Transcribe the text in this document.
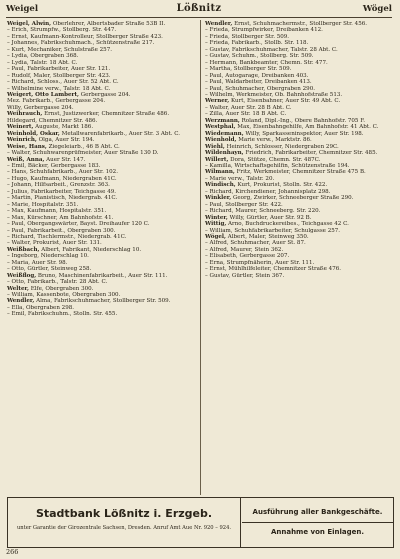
Weigel	Lößnitz	Wögel
Weigel, Alwin, Oberlehrer, Albertsbader Straße 53B II.
– Erich, Strumpfw., Stollberg. Str. 447.
– Ernst, Kaufmann-Kontrolleur, Stollberger Straße 423.
– Johannes, Fabrikschuhmach., Schützenstraße 217.
– Kurt, Mechaniker, Schulstraße 257.
– Lydia, Obergraben 368.
– Lydia, Talstr. 18 Abt. C.
– Paul, Fabrikarbeiter, Auer Str. 121.
– Rudolf, Maler, Stollberger Str. 423.
– Richard, Schloss., Auer Str. 52 Abt. C.
– Wilhelmine verw., Talstr. 18 Abt. C.
Weigert, Otto Lambert, Gerbergasse 204.
Mez. Fabrikarb., Gerbergasse 204.
Willy, Gerbergasse 204.
Weihrauch, Ernst, Justizwerker, Chemnitzer Straße 486.
Hildegard, Chemnitzer Str. 486.
Weinert, Auguste, Markt 186.
Weinhold, Oskar, Metallwarenfabrikarb., Auer Str. 3 Abt. C.
Weinrich, Olga, Auer Str. 194.
Weise, Hans, Ziegeleiarb., 46 B Abt. C.
– Walter, Schuhwarenprüfmeister, Auer Straße 130 D.
Weiß, Anna, Auer Str. 147.
– Emil, Bäcker, Gerbergasse 183.
– Hans, Schuhfabrikarb., Auer Str. 102.
– Hugo, Kaufmann, Niedergraben 41C.
– Johann, Hilfsarbeit., Grenzstr. 363.
– Julius, Fabrikarbeiter, Teichgasse 49.
– Martin, Pianistisch, Niedergrab. 41C.
– Marie, Hospitalstr. 351.
– Max, Kaufmann, Hospitalstr. 351.
– Max, Kürschner, Am Bahnhofstr. 41.
– Paul, Obergangswärter, Bayst. Dreihaufer 120 C.
– Paul, Fabrikarbeit., Obergraben 300.
– Richard, Tischlermstr., Niedergrab. 41C.
– Walter, Prokurist, Auer Str. 131.
Weißbach, Albert, Fabrikant, Niederschlag 10.
– Ingeborg, Niederschlag 10.
– Maria, Auer Str. 98.
– Otto, Gürtler, Steinweg 258.
Weißflog, Bruno, Maschinenfabrikarbeit., Auer Str. 111.
– Otto, Fabrikarb., Talstr. 28 Abt. C.
Welter, Elfe, Obergraben 300.
– William, Kassenbote, Obergraben 300.
Wendler, Alma, Fabrikschuhmacher, Stollberger Str. 509.
– Ella, Obergraben 298.
– Emil, Fabrikschuhm., Stolln. Str. 455.
Wendler, Ernst, Schuhmachermstr., Stollberger Str. 456.
– Frieda, Strumpfwirker, Dreibanken 412.
– Frieda, Stollberger Str. 509.
– Frieda, Fabrikarb., Stollb. Str. 118.
– Gustav, Fabrikschuhmacher, Talstr. 28 Abt. C.
– Gustav, Schuhm., Stollberg. Str. 509.
– Hermann, Bankbeamter, Chemn. Str. 477.
– Martha, Stollberger Str. 509.
– Paul, Autogarage, Dreibanken 403.
– Paul, Waldarbeiter, Dreibanken 413.
– Paul, Schuhmacher, Obergraben 290.
– Wilhelm, Werkmeister, Ob. Bahnhofstraße 513.
Werner, Kurt, Eisenbahner, Auer Str. 49 Abt. C.
– Walter, Auer Str. 28 B Abt. C.
– Zilla, Auer Str. 18 B Abt. C.
Werzmann, Roland, Dipl.-Ing., Obere Bahnhofstr. 705 F.
Westphal, Max, Eisenbahngehilfe, Am Bahnhofstr. 41 Abt. C.
Wiedemann, Willy, Sparkasseninspektor, Auer Str. 198.
Wienhold, Marie verw., Marktstr. 86.
Wiehl, Heinrich, Schlosser, Niedergraben 29C.
Wildenhayn, Friedrich, Fabrikarbeiter, Chemnitzer Str. 485.
Willert, Dora, Stütze, Chemn. Str. 487C.
– Kamilla, Wirtschaftsgehilfin, Schützenstraße 194.
Wilmann, Fritz, Werkmeister, Chemnitzer Straße 475 B.
– Marie verw., Talstr. 20.
Windisch, Kurt, Prokurist, Stolln. Str. 422.
– Richard, Kirchendiener, Johannisplatz 298.
Winkler, Georg, Zwirker, Schneeberger Straße 290.
– Paul, Stollberger Str. 422.
– Richard, Maurer, Schneeberg. Str. 220.
Winter, Willy, Gürtler, Auer Str. 92 B.
Wittig, Arno, Buchdruckereibes., Teichgasse 42 C.
– William, Schuhfabrikarbeiter, Schulgasse 257.
Wögel, Albert, Maler, Steinweg 350.
– Alfred, Schuhmacher, Auer St. 87.
– Alfred, Maurer, Stein 362.
– Elisabeth, Gerbergasse 207.
– Erna, Strumpfnäherin, Auer Str. 111.
– Ernst, Mühlhilfeleiter, Chemnitzer Straße 476.
– Gustav, Gürtler, Stein 367.
Stadtbank Lößnitz i. Erzgeb.
unter Garantie der Girozentrale Sachsen, Dresden. Anruf Amt Aue Nr. 920 – 924.
Ausführung aller Bankgeschäfte.
Annahme von Einlagen.
266
